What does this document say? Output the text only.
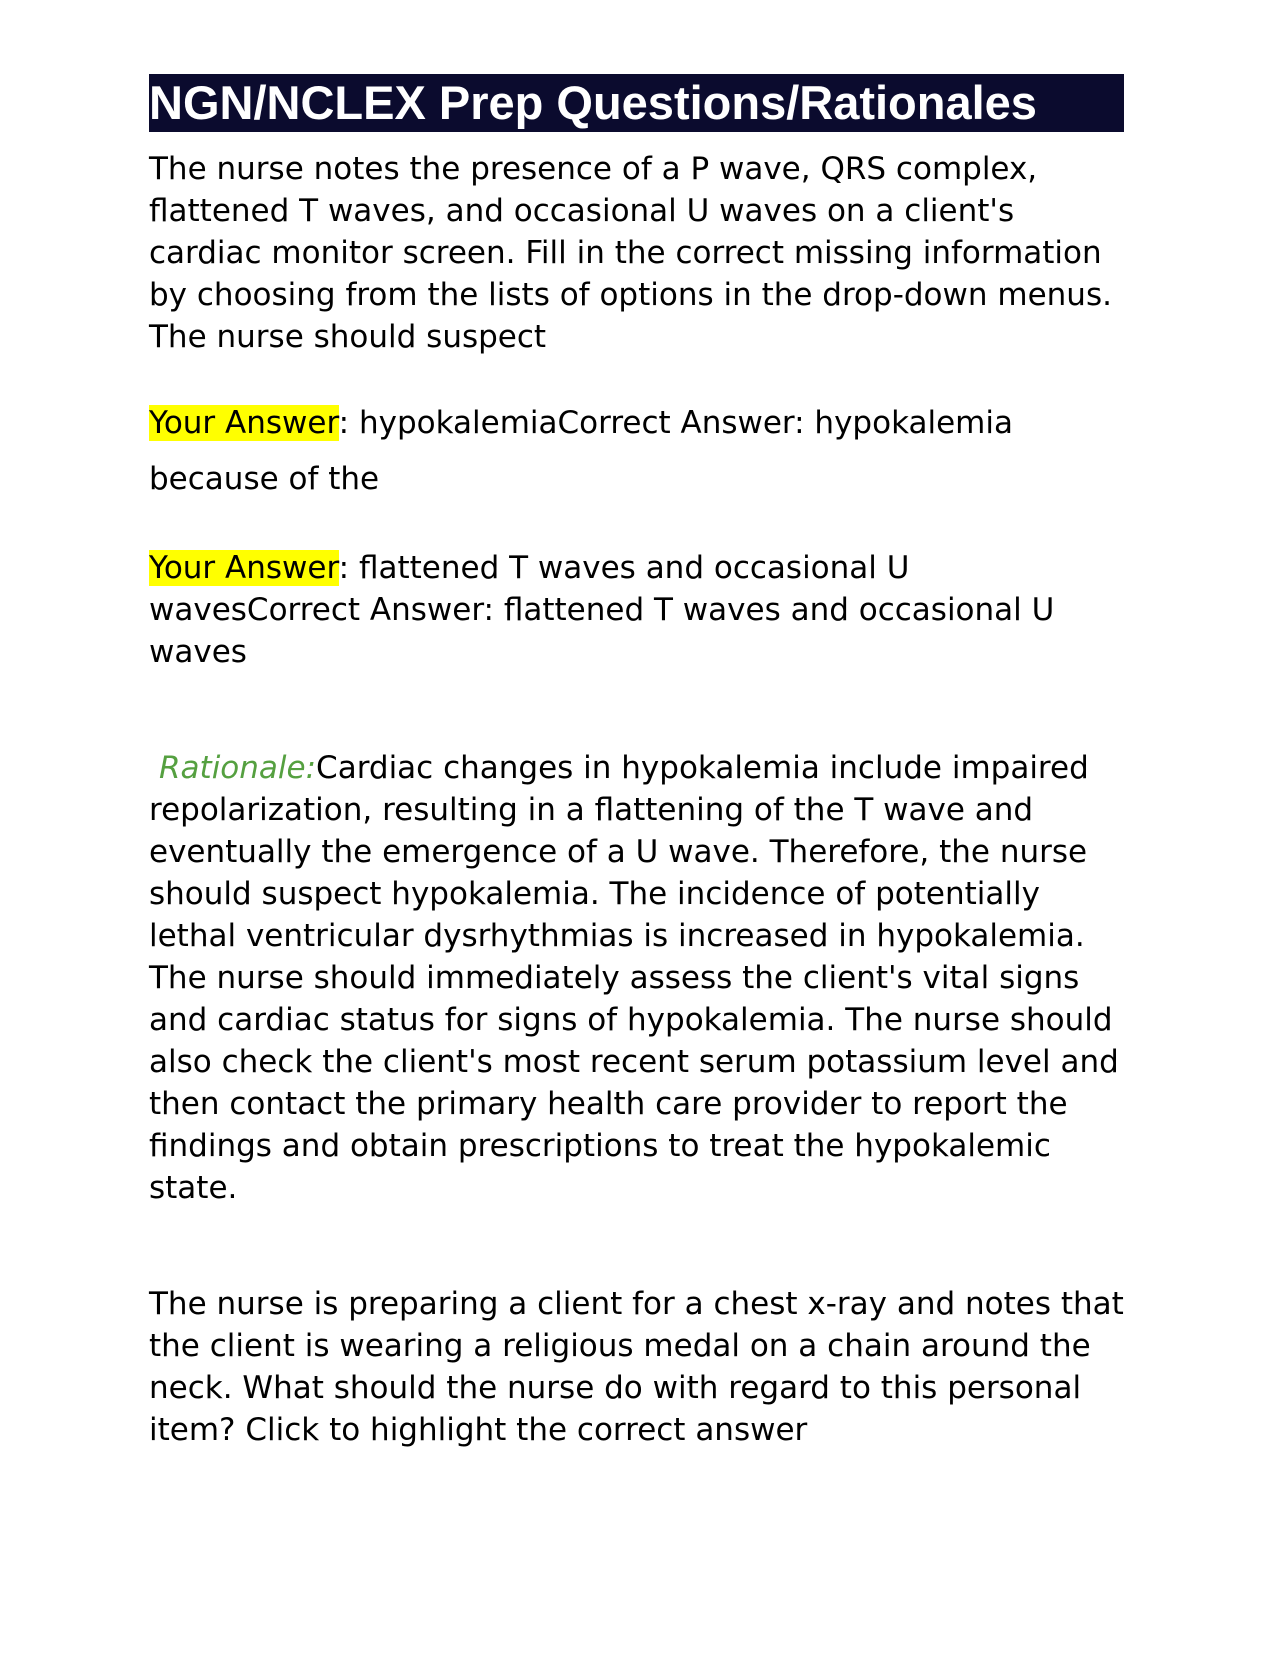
NGN/NCLEX Prep Questions/Rationales

The nurse notes the presence of a P wave, QRS complex, flattened T waves, and occasional U waves on a client's cardiac monitor screen. Fill in the correct missing information by choosing from the lists of options in the drop-down menus. The nurse should suspect

Your Answer: hypokalemiaCorrect Answer: hypokalemia

because of the

Your Answer: flattened T waves and occasional U wavesCorrect Answer: flattened T waves and occasional U waves

Rationale:Cardiac changes in hypokalemia include impaired repolarization, resulting in a flattening of the T wave and eventually the emergence of a U wave. Therefore, the nurse should suspect hypokalemia. The incidence of potentially lethal ventricular dysrhythmias is increased in hypokalemia. The nurse should immediately assess the client's vital signs and cardiac status for signs of hypokalemia. The nurse should also check the client's most recent serum potassium level and then contact the primary health care provider to report the findings and obtain prescriptions to treat the hypokalemic state.

The nurse is preparing a client for a chest x-ray and notes that the client is wearing a religious medal on a chain around the neck. What should the nurse do with regard to this personal item? Click to highlight the correct answer
